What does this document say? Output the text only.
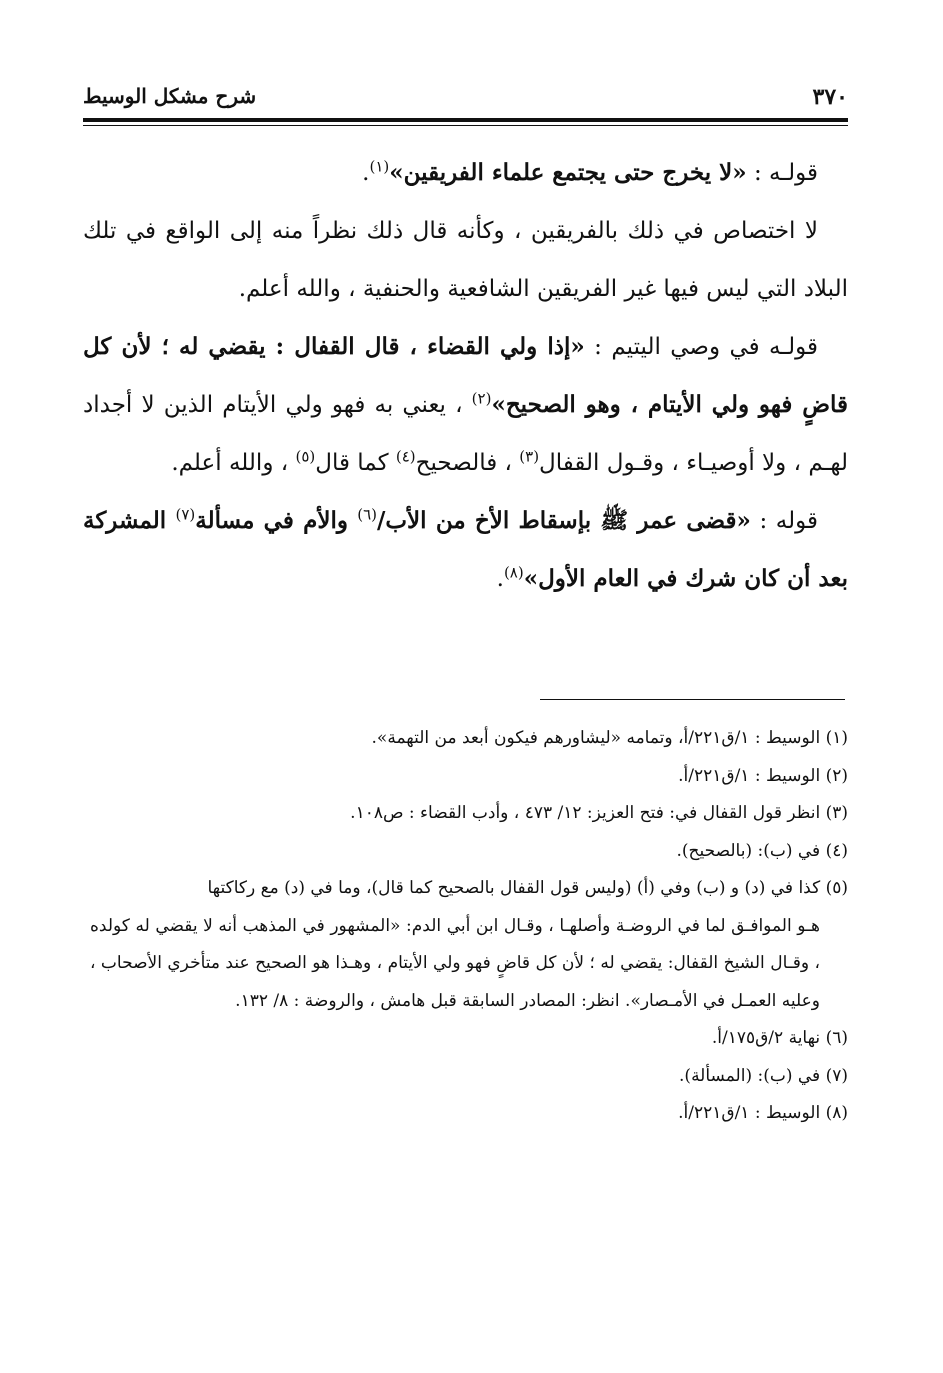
٣٧٠
شرح مشكل الوسيط

قولـه : «لا يخرج حتى يجتمع علماء الفريقين»$^{(١)}$.

لا اختصاص في ذلك بالفريقين ، وكأنه قال ذلك نظراً منه إلى الواقع في تلك البلاد التي ليس فيها غير الفريقين الشافعية والحنفية ، والله أعلم.

قولـه في وصي اليتيم : «إذا ولي القضاء ، قال القفال : يقضي له ؛ لأن كل قاضٍ فهو ولي الأيتام ، وهو الصحيح»$^{(٢)}$ ، يعني به فهو ولي الأيتام الذين لا أجداد لهـم ، ولا أوصيـاء ، وقـول القفال$^{(٣)}$ ، فالصحيح$^{(٤)}$ كما قال$^{(٥)}$ ، والله أعلم.

قوله : «قضى عمر ﷺ بإسقاط الأخ من الأب/$^{(٦)}$ والأم في مسألة$^{(٧)}$ المشركة بعد أن كان شرك في العام الأول»$^{(٨)}$.

(١) الوسيط : ١/ق٢٢١/أ، وتمامه «ليشاورهم فيكون أبعد من التهمة».

(٢) الوسيط : ١/ق٢٢١/أ.

(٣) انظر قول القفال في: فتح العزيز: ١٢/ ٤٧٣ ، وأدب القضاء : ص١٠٨.

(٤) في (ب): (بالصحيح).

(٥) كذا في (د) و (ب) وفي (أ) (وليس قول القفال بالصحيح كما قال)، وما في (د) مع ركاكتها

هـو الموافـق لما في الروضـة وأصلهـا ، وقـال ابن أبي الدم: «المشهور في المذهب أنه لا يقضي له كولده ، وقـال الشيخ القفال: يقضي له ؛ لأن كل قاضٍ فهو ولي الأيتام ، وهـذا هو الصحيح عند متأخري الأصحاب ، وعليه العمـل في الأمـصار». انظر: المصادر السابقة قبل هامش ، والروضة : ٨/ ١٣٢.

(٦) نهاية ٢/ق١٧٥/أ.

(٧) في (ب): (المسألة).

(٨) الوسيط : ١/ق٢٢١/أ.
